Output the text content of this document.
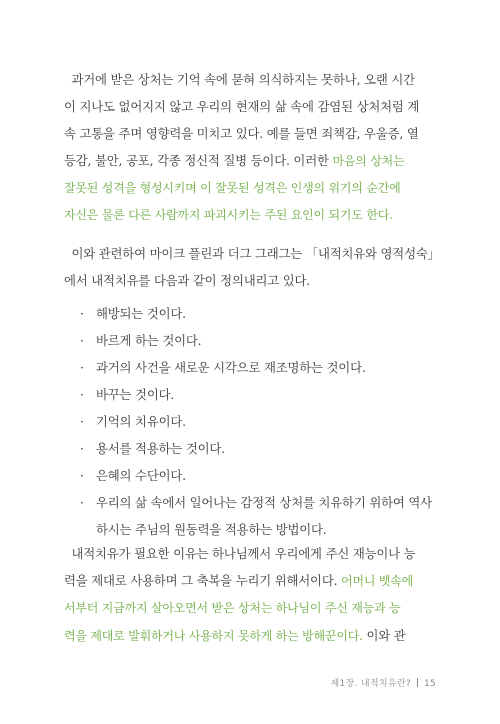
과거에 받은 상처는 기억 속에 묻혀 의식하지는 못하나, 오랜 시간
이 지나도 없어지지 않고 우리의 현재의 삶 속에 감염된 상처처럼 계
속 고통을 주며 영향력을 미치고 있다. 예를 들면 죄책감, 우울증, 열
등감, 불안, 공포, 각종 정신적 질병 등이다. 이러한 마음의 상처는
잘못된 성격을 형성시키며 이 잘못된 성격은 인생의 위기의 순간에
자신은 물론 다른 사람까지 파괴시키는 주된 요인이 되기도 한다.
이와 관련하여 마이크 플린과 더그 그래그는 「내적치유와 영적성숙」
에서 내적치유를 다음과 같이 정의내리고 있다.
· 해방되는 것이다.
· 바르게 하는 것이다.
· 과거의 사건을 새로운 시각으로 재조명하는 것이다.
· 바꾸는 것이다.
· 기억의 치유이다.
· 용서를 적용하는 것이다.
· 은혜의 수단이다.
· 우리의 삶 속에서 일어나는 감정적 상처를 치유하기 위하여 역사
하시는 주님의 원동력을 적용하는 방법이다.
내적치유가 필요한 이유는 하나님께서 우리에게 주신 재능이나 능
력을 제대로 사용하며 그 축복을 누리기 위해서이다. 어머니 뱃속에
서부터 지금까지 살아오면서 받은 상처는 하나님이 주신 재능과 능
력을 제대로 발휘하거나 사용하지 못하게 하는 방해꾼이다. 이와 관
제1장. 내적치유란? 15
